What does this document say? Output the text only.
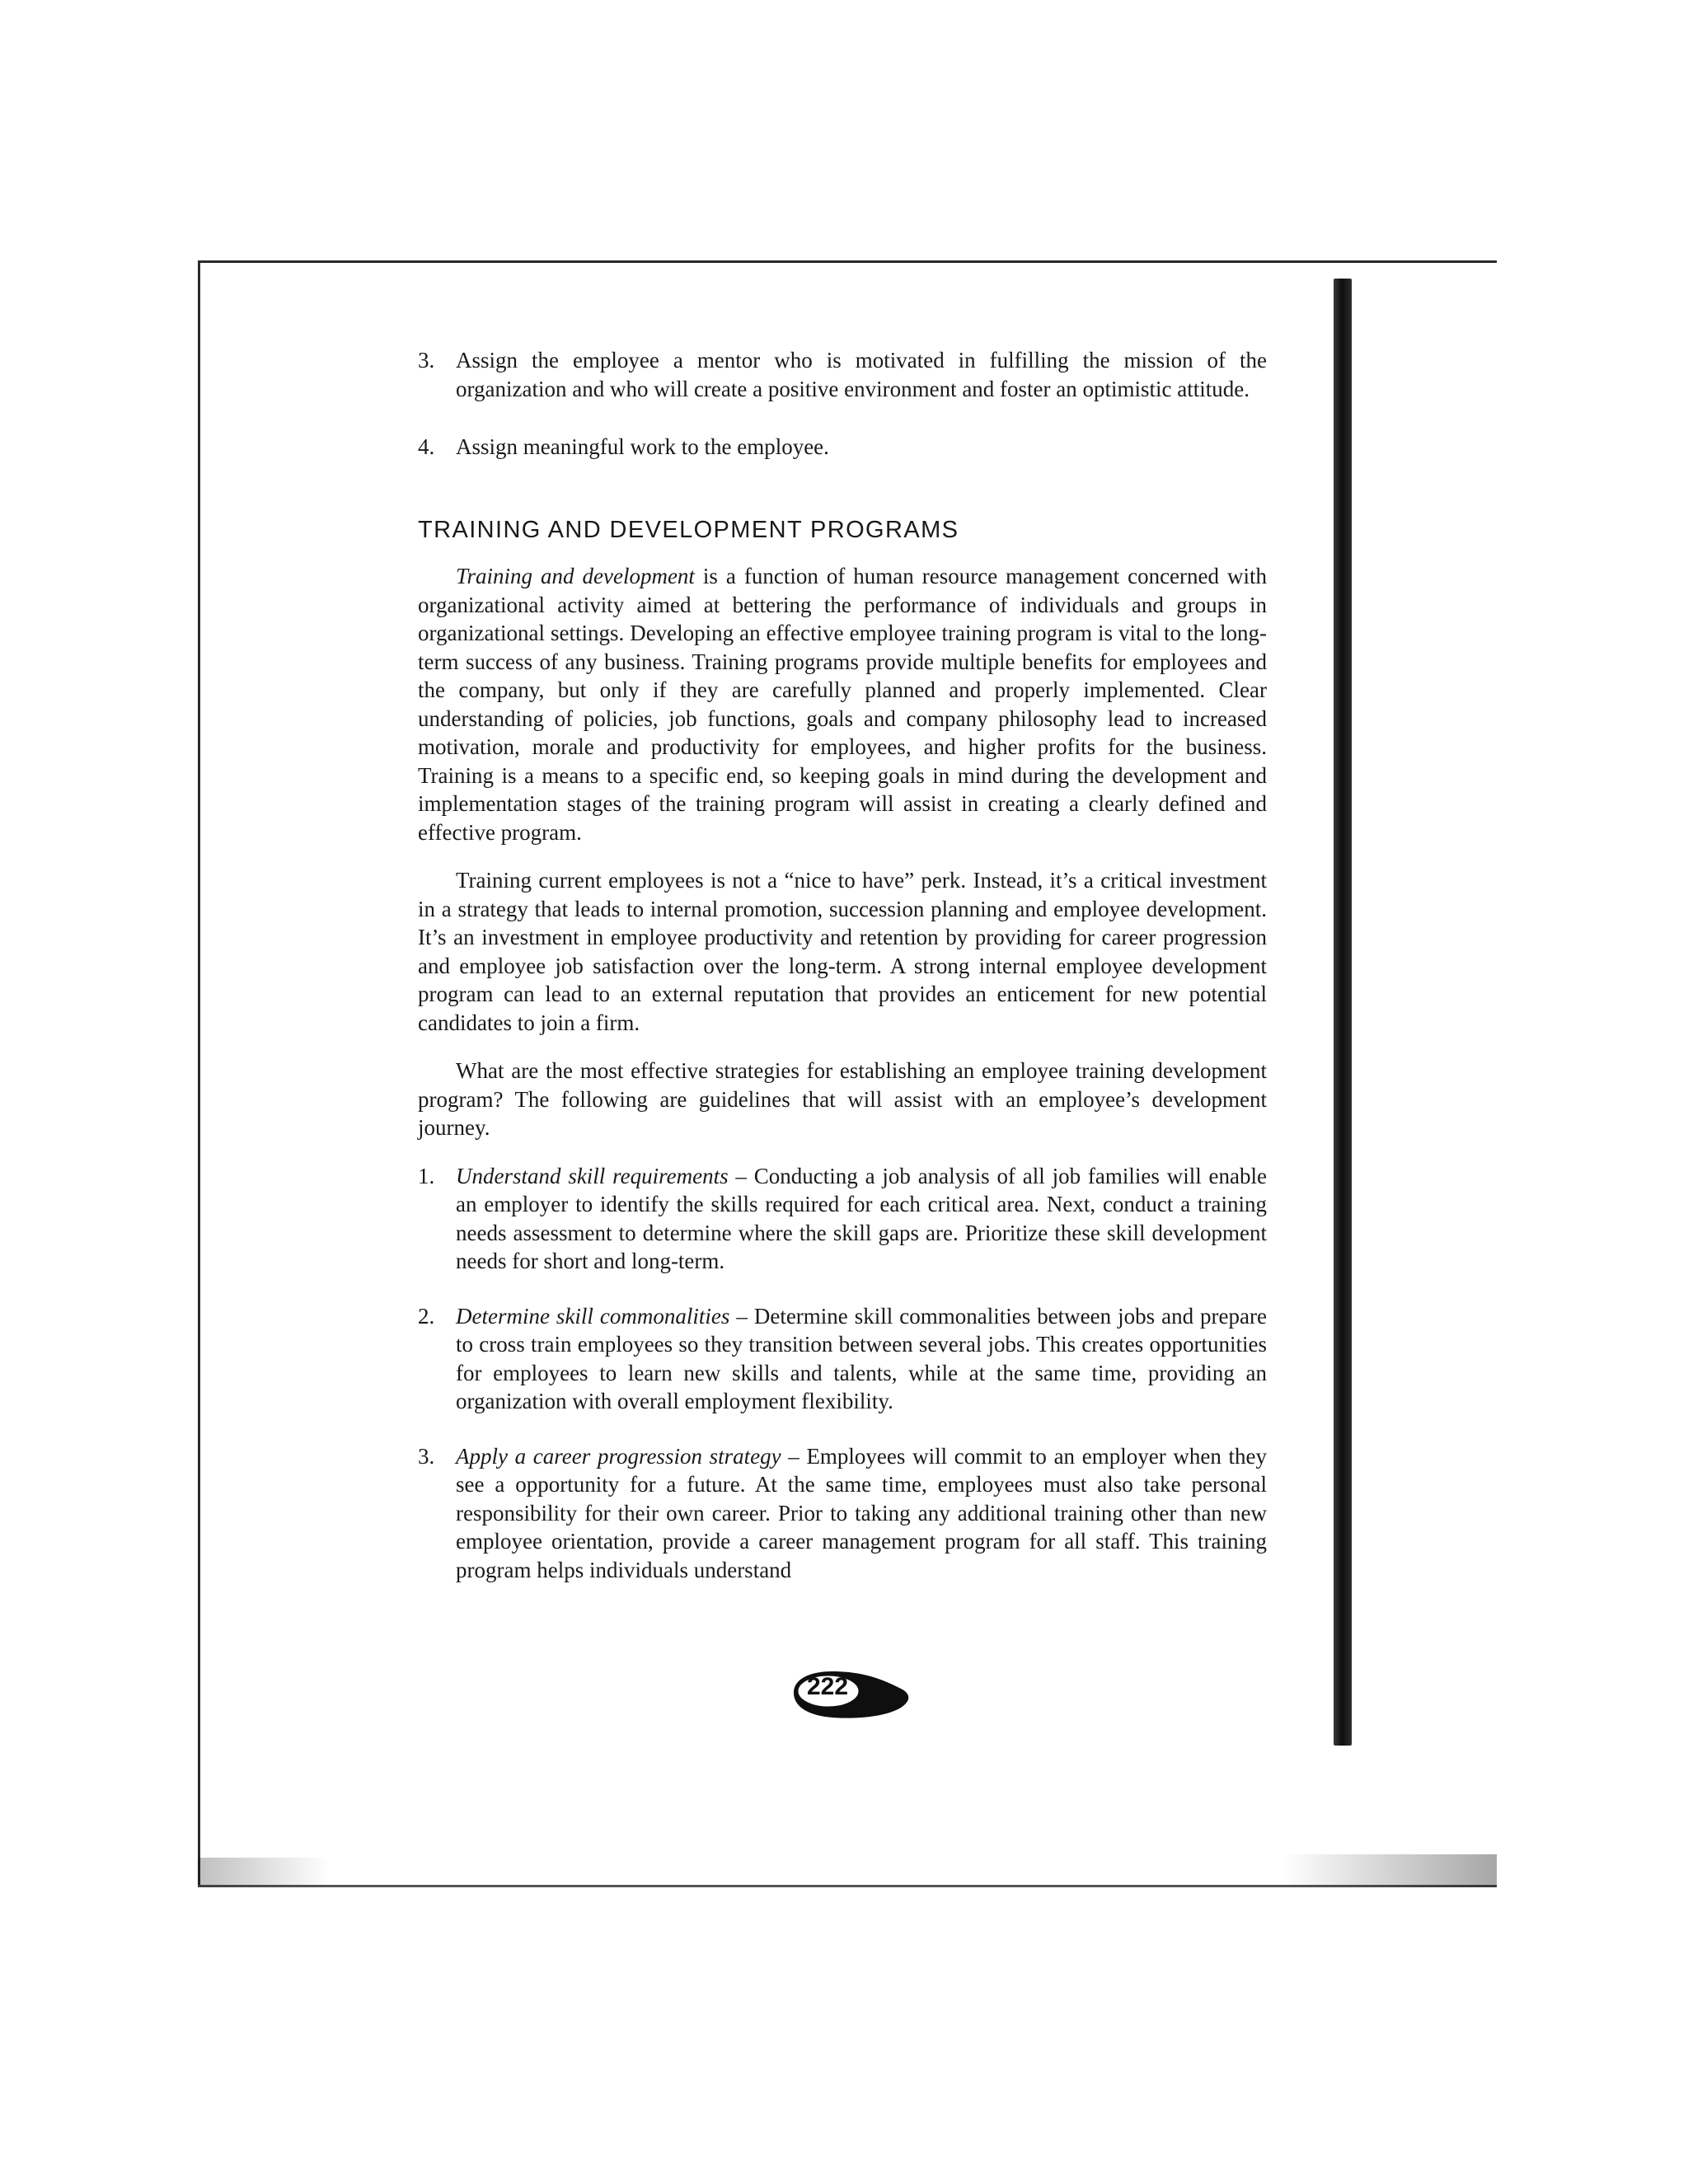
3. Assign the employee a mentor who is motivated in fulfilling the mission of the organization and who will create a positive environment and foster an optimistic attitude.
4. Assign meaningful work to the employee.
TRAINING AND DEVELOPMENT PROGRAMS

Training and development is a function of human resource management concerned with organizational activity aimed at bettering the performance of individuals and groups in organizational settings. Developing an effective employee training program is vital to the long-term success of any business. Training programs provide multiple benefits for employees and the company, but only if they are carefully planned and properly implemented. Clear understanding of policies, job functions, goals and company philosophy lead to increased motivation, morale and productivity for employees, and higher profits for the business. Training is a means to a specific end, so keeping goals in mind during the development and implementation stages of the training program will assist in creating a clearly defined and effective program.

Training current employees is not a “nice to have” perk. Instead, it’s a critical investment in a strategy that leads to internal promotion, succession planning and employee development. It’s an investment in employee productivity and retention by providing for career progression and employee job satisfaction over the long-term. A strong internal employee development program can lead to an external reputation that provides an enticement for new potential candidates to join a firm.

What are the most effective strategies for establishing an employee training development program? The following are guidelines that will assist with an employee’s development journey.

1. Understand skill requirements – Conducting a job analysis of all job families will enable an employer to identify the skills required for each critical area. Next, conduct a training needs assessment to determine where the skill gaps are. Prioritize these skill development needs for short and long-term.
2. Determine skill commonalities – Determine skill commonalities between jobs and prepare to cross train employees so they transition between several jobs. This creates opportunities for employees to learn new skills and talents, while at the same time, providing an organization with overall employment flexibility.
3. Apply a career progression strategy – Employees will commit to an employer when they see a opportunity for a future. At the same time, employees must also take personal responsibility for their own career. Prior to taking any additional training other than new employee orientation, provide a career management program for all staff. This training program helps individuals understand
222
